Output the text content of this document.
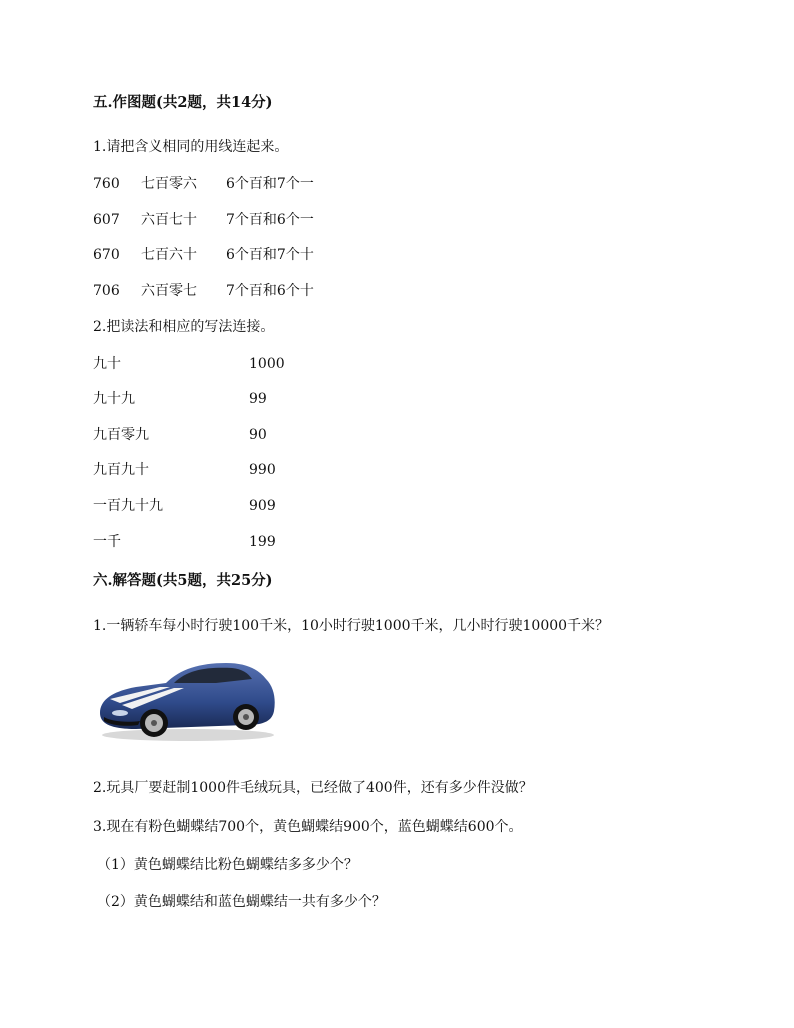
五.作图题(共2题，共14分)
1.请把含义相同的用线连起来。
760 七百零六 6个百和7个一
607 六百七十 7个百和6个一
670 七百六十 6个百和7个十
706 六百零七 7个百和6个十
2.把读法和相应的写法连接。
九十	1000
九十九	99
九百零九	90
九百九十	990
一百九十九	909
一千	199
六.解答题(共5题，共25分)
1.一辆轿车每小时行驶100千米，10小时行驶1000千米，几小时行驶10000千米？
2.玩具厂要赶制1000件毛绒玩具，已经做了400件，还有多少件没做？
3.现在有粉色蝴蝶结700个，黄色蝴蝶结900个，蓝色蝴蝶结600个。
（1）黄色蝴蝶结比粉色蝴蝶结多多少个？
（2）黄色蝴蝶结和蓝色蝴蝶结一共有多少个？
